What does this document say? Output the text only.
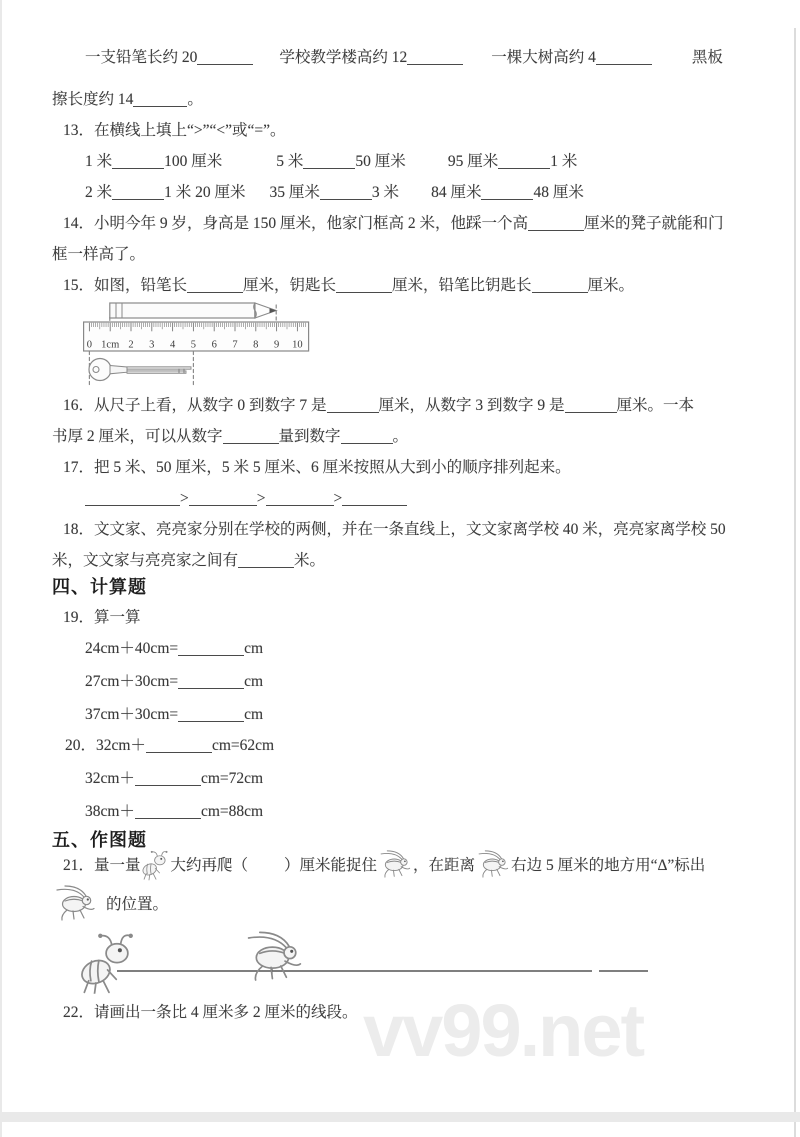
vv99.net
一支铅笔长约 20	学校教学楼高约 12	一棵大树高约 4	黑板
擦长度约 14	。
13．在横线上填上“>”“<”或“=”。
1 米	100 厘米	5 米	50 厘米	95 厘米	1 米
2 米	1 米 20 厘米 35 厘米	3 米 84 厘米	48 厘米
14．小明今年 9 岁，身高是 150 厘米，他家门框高 2 米，他踩一个高	厘米的凳子就能和门
框一样高了。
15．如图，铅笔长	厘米，钥匙长	厘米，铅笔比钥匙长	厘米。
16．从尺子上看，从数字 0 到数字 7 是	厘米，从数字 3 到数字 9 是	厘米。一本
书厚 2 厘米，可以从数字	量到数字	。
17．把 5 米、50 厘米，5 米 5 厘米、6 厘米按照从大到小的顺序排列起来。
>	>	>
18．文文家、亮亮家分别在学校的两侧，并在一条直线上，文文家离学校 40 米，亮亮家离学校 50
米，文文家与亮亮家之间有	米。
四、计算题
19．算一算
24cm＋40cm=	cm
27cm＋30cm=	cm
37cm＋30cm=	cm
20．32cm＋	cm=62cm
32cm＋	cm=72cm
38cm＋	cm=88cm
五、作图题
21．量一量 大约再爬（ ）厘米能捉住 ，在距离 右边 5 厘米的地方用“Δ”标出
的位置。
22．请画出一条比 4 厘米多 2 厘米的线段。
0 1cm 2 3 4 5 6 7 8 9 10
